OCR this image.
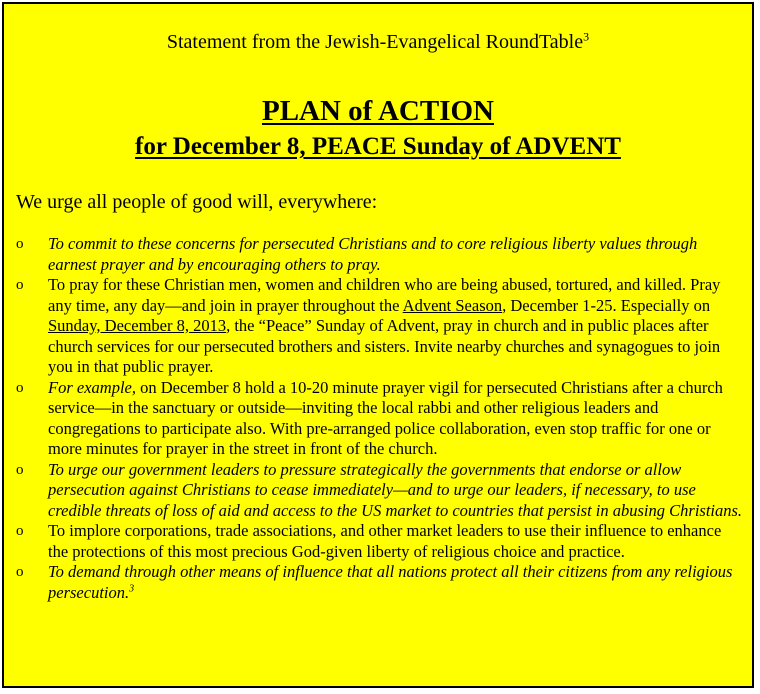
Statement from the Jewish-Evangelical RoundTable$^3$
PLAN of ACTION
for December 8, PEACE Sunday of ADVENT
We urge all people of good will, everywhere:
o To commit to these concerns for persecuted Christians and to core religious liberty values through earnest prayer and by encouraging others to pray.
o To pray for these Christian men, women and children who are being abused, tortured, and killed. Pray any time, any day—and join in prayer throughout the Advent Season, December 1-25. Especially on Sunday, December 8, 2013, the “Peace” Sunday of Advent, pray in church and in public places after church services for our persecuted brothers and sisters. Invite nearby churches and synagogues to join you in that public prayer.
o For example, on December 8 hold a 10-20 minute prayer vigil for persecuted Christians after a church service—in the sanctuary or outside—inviting the local rabbi and other religious leaders and congregations to participate also. With pre-arranged police collaboration, even stop traffic for one or more minutes for prayer in the street in front of the church.
o To urge our government leaders to pressure strategically the governments that endorse or allow persecution against Christians to cease immediately—and to urge our leaders, if necessary, to use credible threats of loss of aid and access to the US market to countries that persist in abusing Christians.
o To implore corporations, trade associations, and other market leaders to use their influence to enhance the protections of this most precious God-given liberty of religious choice and practice.
o To demand through other means of influence that all nations protect all their citizens from any religious persecution.$^3$
